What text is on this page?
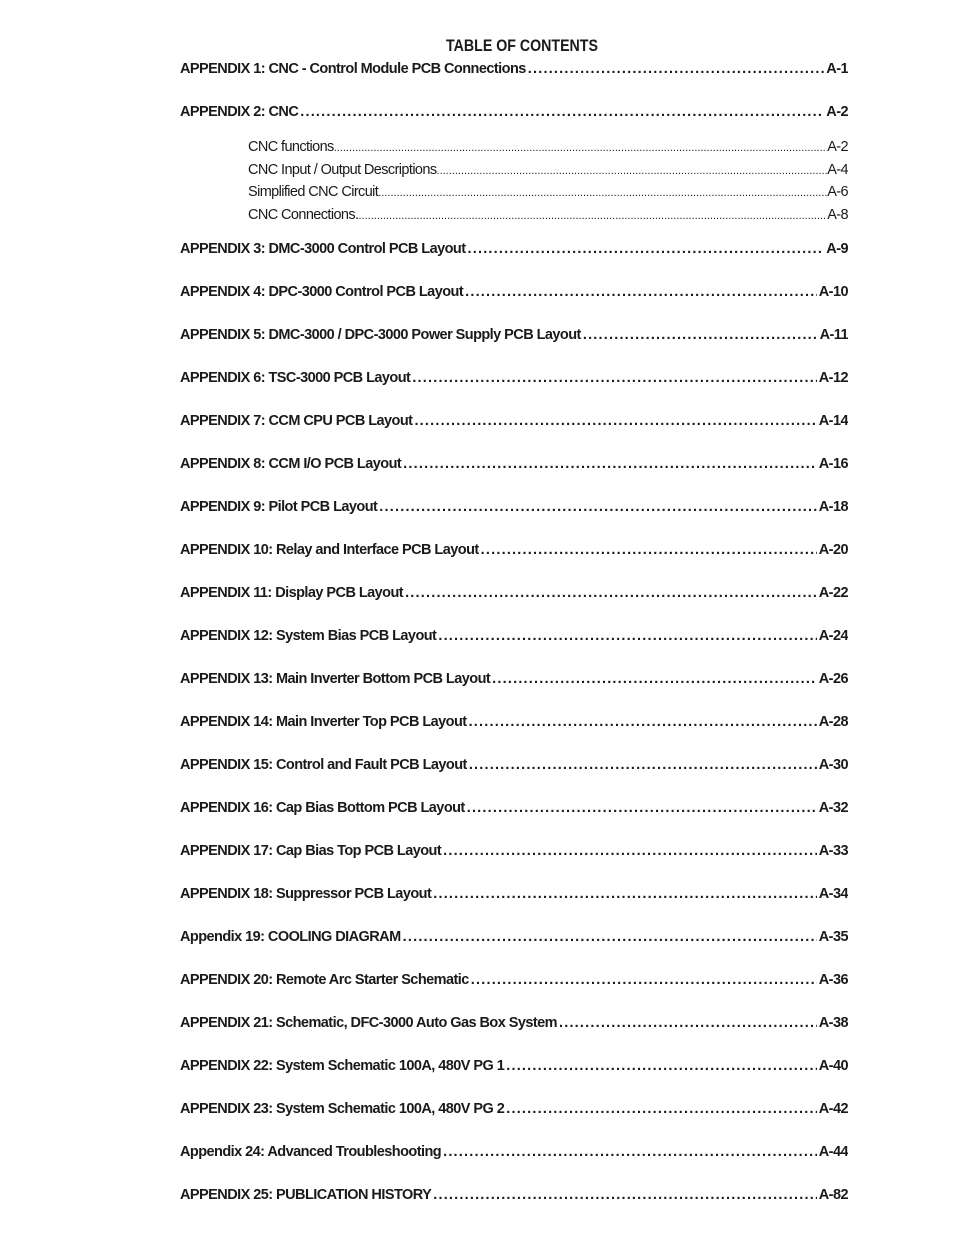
TABLE OF CONTENTS
APPENDIX 1: CNC - Control Module PCB Connections .....	A-1
APPENDIX 2: CNC .....	A-2
CNC functions .....	A-2
CNC Input / Output Descriptions .....	A-4
Simplified CNC Circuit .....	A-6
CNC Connections. .....	A-8
APPENDIX 3: DMC-3000 Control PCB Layout .....	A-9
APPENDIX 4: DPC-3000 Control PCB Layout .....	A-10
APPENDIX 5: DMC-3000 / DPC-3000 Power Supply PCB Layout .....	A-11
APPENDIX 6: TSC-3000 PCB Layout .....	A-12
APPENDIX 7: CCM CPU PCB Layout .....	A-14
APPENDIX 8: CCM I/O PCB Layout .....	A-16
APPENDIX 9: Pilot PCB Layout .....	A-18
APPENDIX 10: Relay and Interface PCB Layout .....	A-20
APPENDIX 11: Display PCB Layout .....	A-22
APPENDIX 12: System Bias PCB Layout .....	A-24
APPENDIX 13: Main Inverter Bottom PCB Layout .....	A-26
APPENDIX 14: Main Inverter Top PCB Layout .....	A-28
APPENDIX 15: Control and Fault PCB Layout .....	A-30
APPENDIX 16: Cap Bias Bottom PCB Layout .....	A-32
APPENDIX 17: Cap Bias Top PCB Layout .....	A-33
APPENDIX 18: Suppressor PCB Layout .....	A-34
Appendix 19: COOLING DIAGRAM .....	A-35
APPENDIX 20: Remote Arc Starter Schematic .....	A-36
APPENDIX 21: Schematic, DFC-3000 Auto Gas Box System .....	A-38
APPENDIX 22: System Schematic 100A, 480V PG 1 .....	A-40
APPENDIX 23: System Schematic 100A, 480V PG 2 .....	A-42
Appendix 24: Advanced Troubleshooting .....	A-44
APPENDIX 25: PUBLICATION HISTORY .....	A-82
